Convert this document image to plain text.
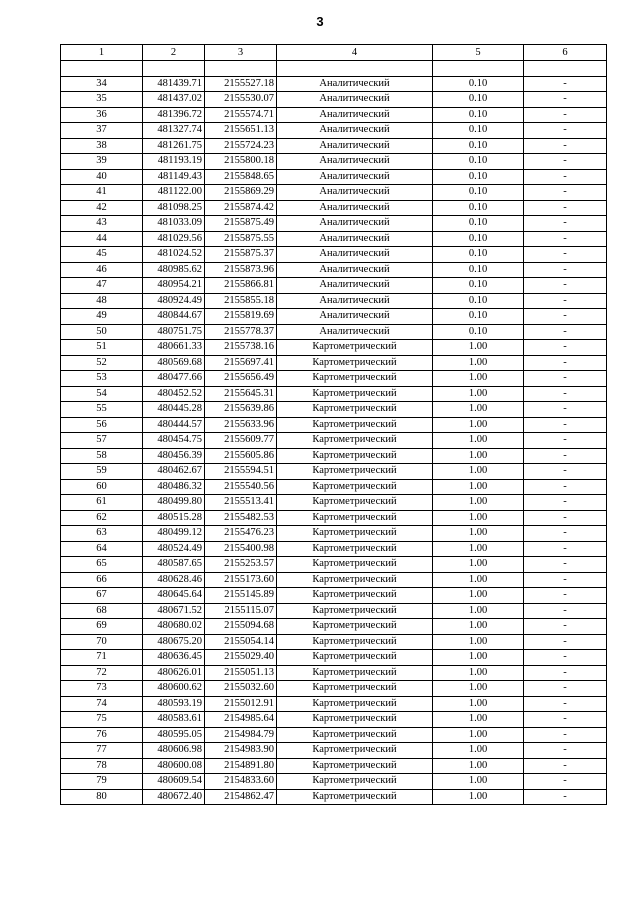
3
1	2	3	4	5	6

34	481439.71	2155527.18	Аналитический	0.10	-
35	481437.02	2155530.07	Аналитический	0.10	-
36	481396.72	2155574.71	Аналитический	0.10	-
37	481327.74	2155651.13	Аналитический	0.10	-
38	481261.75	2155724.23	Аналитический	0.10	-
39	481193.19	2155800.18	Аналитический	0.10	-
40	481149.43	2155848.65	Аналитический	0.10	-
41	481122.00	2155869.29	Аналитический	0.10	-
42	481098.25	2155874.42	Аналитический	0.10	-
43	481033.09	2155875.49	Аналитический	0.10	-
44	481029.56	2155875.55	Аналитический	0.10	-
45	481024.52	2155875.37	Аналитический	0.10	-
46	480985.62	2155873.96	Аналитический	0.10	-
47	480954.21	2155866.81	Аналитический	0.10	-
48	480924.49	2155855.18	Аналитический	0.10	-
49	480844.67	2155819.69	Аналитический	0.10	-
50	480751.75	2155778.37	Аналитический	0.10	-
51	480661.33	2155738.16	Картометрический	1.00	-
52	480569.68	2155697.41	Картометрический	1.00	-
53	480477.66	2155656.49	Картометрический	1.00	-
54	480452.52	2155645.31	Картометрический	1.00	-
55	480445.28	2155639.86	Картометрический	1.00	-
56	480444.57	2155633.96	Картометрический	1.00	-
57	480454.75	2155609.77	Картометрический	1.00	-
58	480456.39	2155605.86	Картометрический	1.00	-
59	480462.67	2155594.51	Картометрический	1.00	-
60	480486.32	2155540.56	Картометрический	1.00	-
61	480499.80	2155513.41	Картометрический	1.00	-
62	480515.28	2155482.53	Картометрический	1.00	-
63	480499.12	2155476.23	Картометрический	1.00	-
64	480524.49	2155400.98	Картометрический	1.00	-
65	480587.65	2155253.57	Картометрический	1.00	-
66	480628.46	2155173.60	Картометрический	1.00	-
67	480645.64	2155145.89	Картометрический	1.00	-
68	480671.52	2155115.07	Картометрический	1.00	-
69	480680.02	2155094.68	Картометрический	1.00	-
70	480675.20	2155054.14	Картометрический	1.00	-
71	480636.45	2155029.40	Картометрический	1.00	-
72	480626.01	2155051.13	Картометрический	1.00	-
73	480600.62	2155032.60	Картометрический	1.00	-
74	480593.19	2155012.91	Картометрический	1.00	-
75	480583.61	2154985.64	Картометрический	1.00	-
76	480595.05	2154984.79	Картометрический	1.00	-
77	480606.98	2154983.90	Картометрический	1.00	-
78	480600.08	2154891.80	Картометрический	1.00	-
79	480609.54	2154833.60	Картометрический	1.00	-
80	480672.40	2154862.47	Картометрический	1.00	-
